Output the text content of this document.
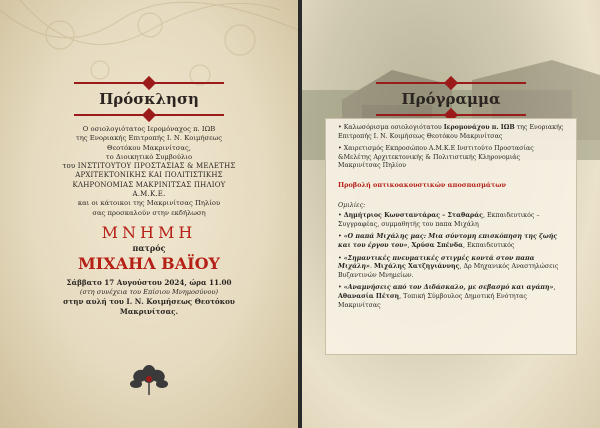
Πρόσκληση
Ο οσιολογιότατος Ιερομόναχος π. ΙΩΒ
της Ενοριακής Επιτροπής Ι. Ν. Κοιμήσεως
Θεοτόκου Μακρινίτσας,
το Διοικητικό Συμβούλιο
του ΙΝΣΤΙΤΟΥΤΟΥ ΠΡΟΣΤΑΣΙΑΣ & ΜΕΛΕΤΗΣ
ΑΡΧΙΤΕΚΤΟΝΙΚΗΣ ΚΑΙ ΠΟΛΙΤΙΣΤΙΚΗΣ
ΚΛΗΡΟΝΟΜΙΑΣ ΜΑΚΡΙΝΙΤΣΑΣ ΠΗΛΙΟΥ
Α.Μ.Κ.Ε.
και οι κάτοικοι της Μακρινίτσας Πηλίου
σας προσκαλούν στην εκδήλωση
ΜΝΗΜΗ
πατρός
ΜΙΧΑΗΛ ΒΑΪΟΥ
Σάββατο 17 Αυγούστου 2024, ώρα 11.00
(στη συνέχεια του Επίσιου Μνημοσύνου)
στην αυλή του Ι. Ν. Κοιμήσεως Θεοτόκου
Μακρινίτσας.
Πρόγραμμα
• Καλωσόρισμα οσιολογιότατου Ιερομονάχου π. ΙΩΒ της Ενοριακής Επιτροπής Ι. Ν. Κοιμήσεως Θεοτόκου Μακρινίτσας
• Χαιρετισμός Εκπροσώπου Α.Μ.Κ.Ε Ινστιτούτο Προστασίας &Μελέτης Αρχιτεκτονικής & Πολιτιστικής Κληρονομιάς Μακρινίτσας Πηλίου
Προβολή οπτικοακουστικών αποσπασμάτων
Ομιλίες:
• Δημήτριος Κωνσταντάρας – Σταθαράς, Εκπαιδευτικός – Συγγραφέας, συμμαθητής του παπα Μιχάλη
• «Ο παπά Μιχάλης μας: Μια σύντομη επισκόπηση της ζωής και του έργου του», Χρύσα Σπένδα, Εκπαιδευτικός
• «Σημαντικές πνευματικές στιγμές κοντά στον παπα Μιχάλη». Μιχάλης Χατζηγιάννης, Δρ Μηχανικός Αναστηλώσεις Βυζαντινών Μνημείων.
• «Αναμνήσεις από τον Διδάσκαλο, με σεβασμό και αγάπη», Αθανασία Πέτση, Τοπική Σύμβουλος Δημοτική Ενότητας Μακρινίτσας
